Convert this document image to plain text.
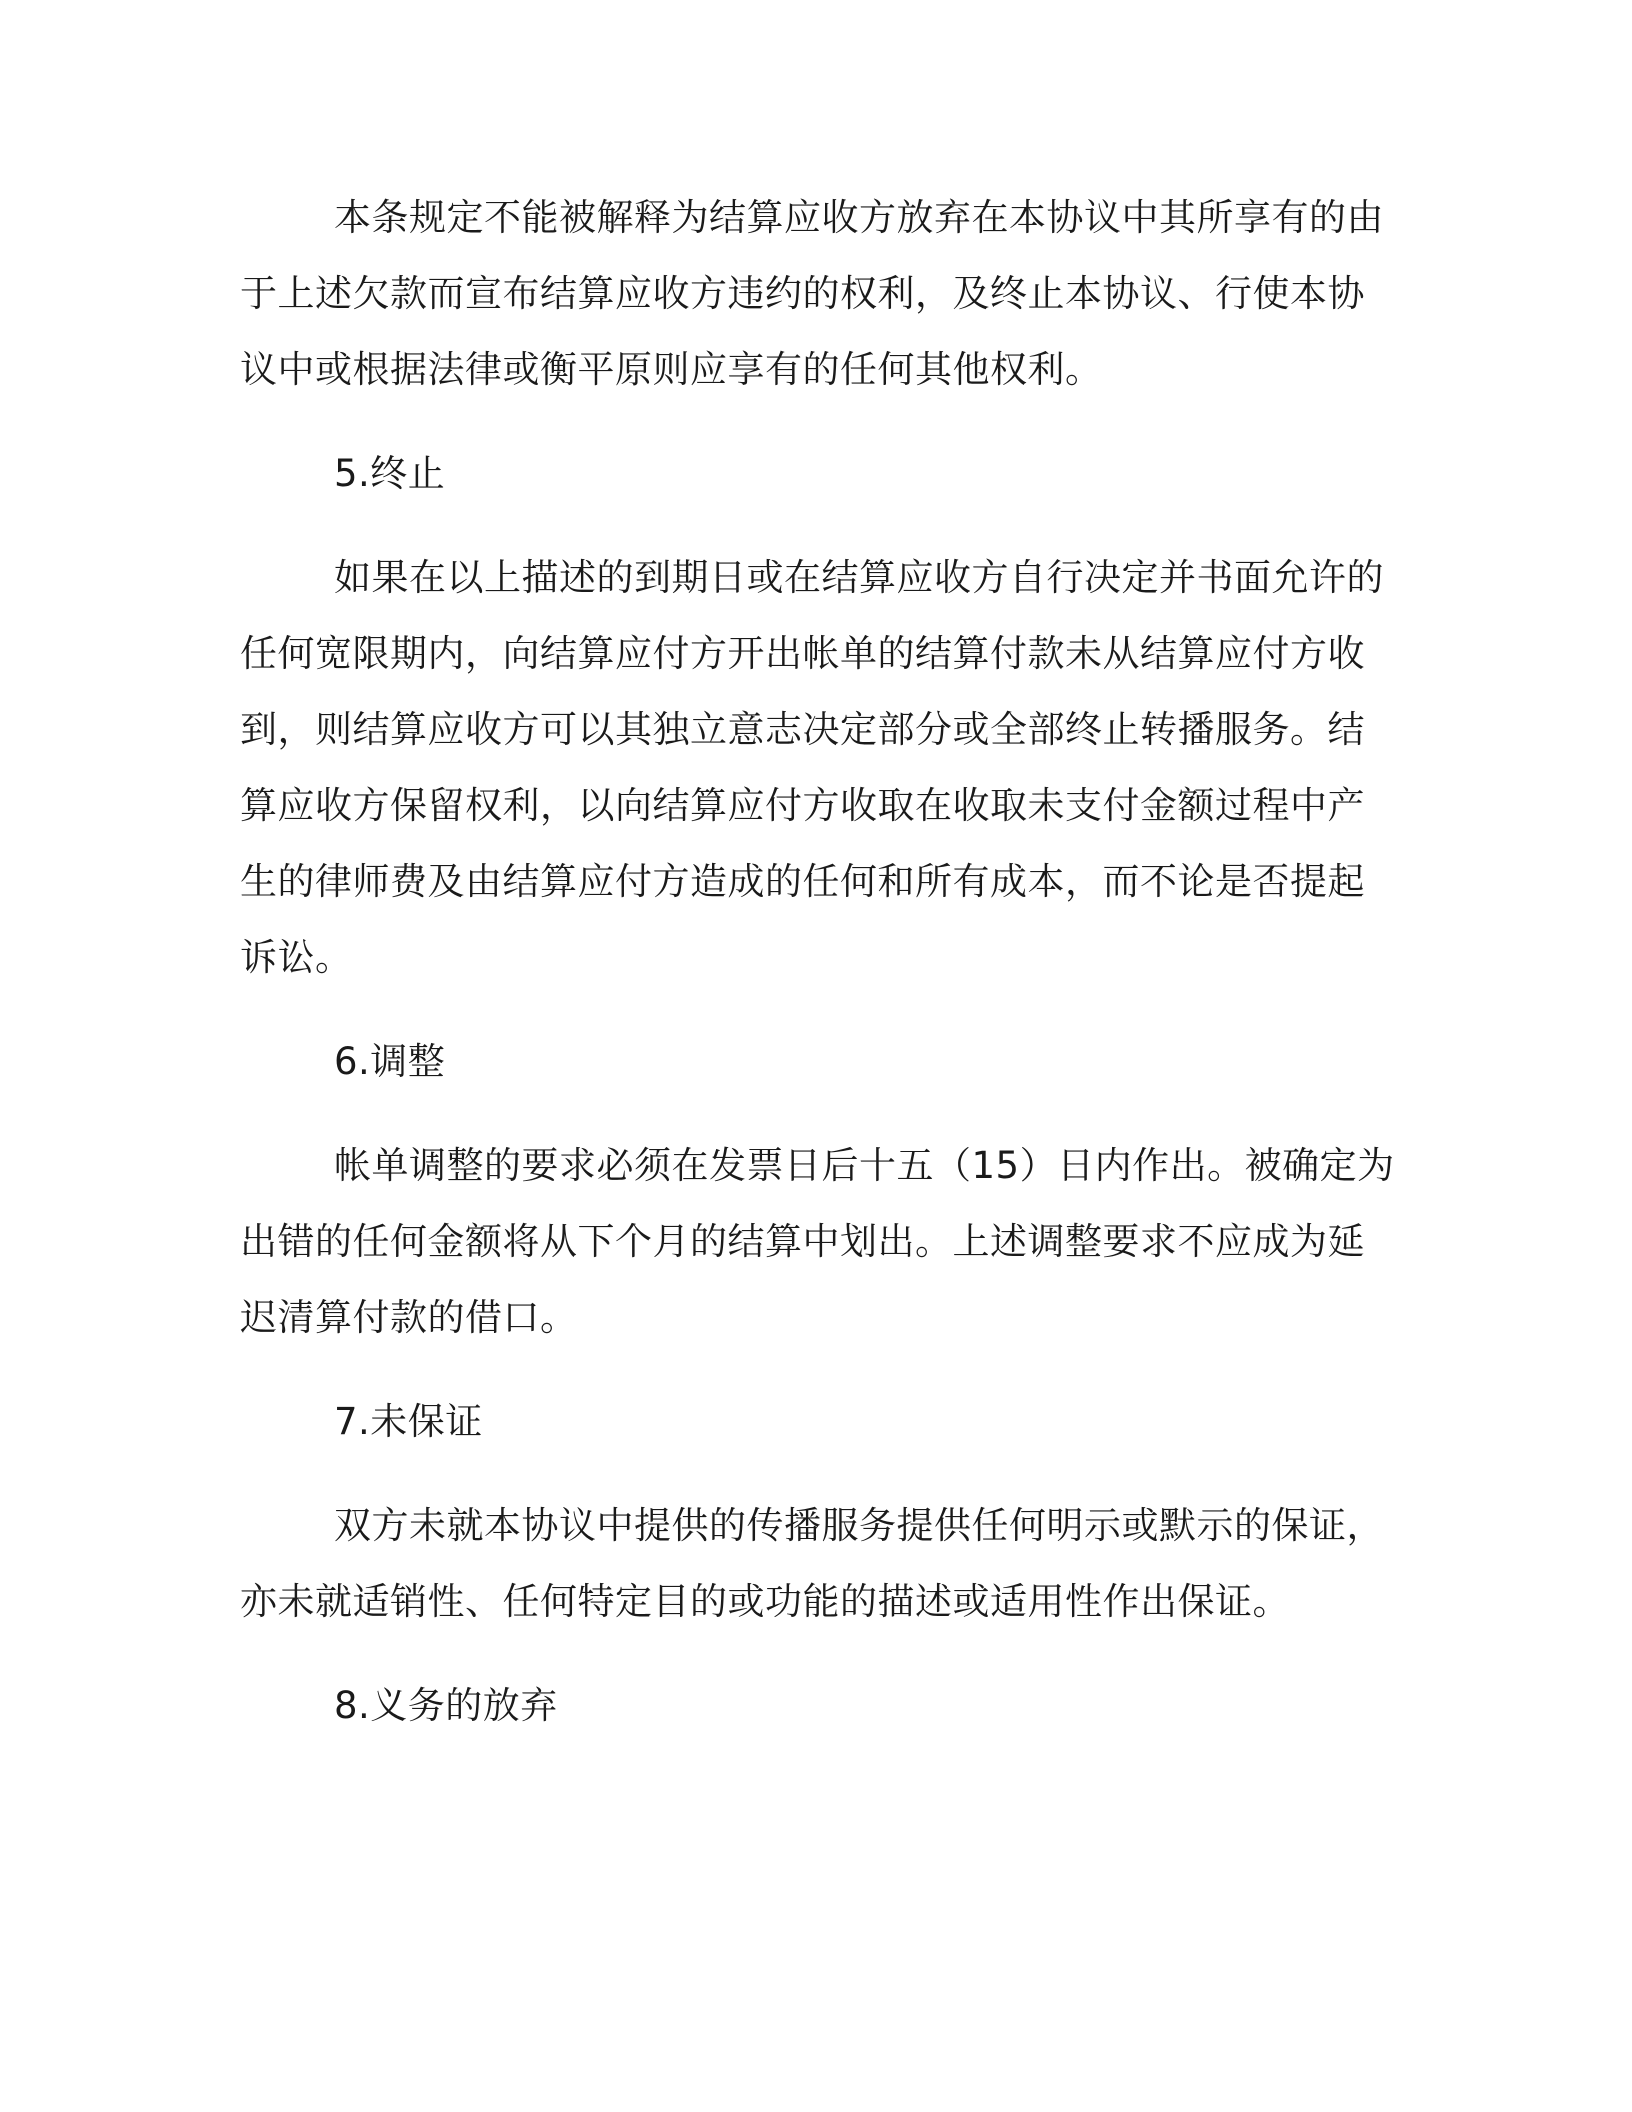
本条规定不能被解释为结算应收方放弃在本协议中其所享有的由
于上述欠款而宣布结算应收方违约的权利，及终止本协议、行使本协
议中或根据法律或衡平原则应享有的任何其他权利。
5.终止
如果在以上描述的到期日或在结算应收方自行决定并书面允许的
任何宽限期内，向结算应付方开出帐单的结算付款未从结算应付方收
到，则结算应收方可以其独立意志决定部分或全部终止转播服务。结
算应收方保留权利，以向结算应付方收取在收取未支付金额过程中产
生的律师费及由结算应付方造成的任何和所有成本，而不论是否提起
诉讼。
6.调整
帐单调整的要求必须在发票日后十五（15）日内作出。被确定为
出错的任何金额将从下个月的结算中划出。上述调整要求不应成为延
迟清算付款的借口。
7.未保证
双方未就本协议中提供的传播服务提供任何明示或默示的保证，
亦未就适销性、任何特定目的或功能的描述或适用性作出保证。
8.义务的放弃
